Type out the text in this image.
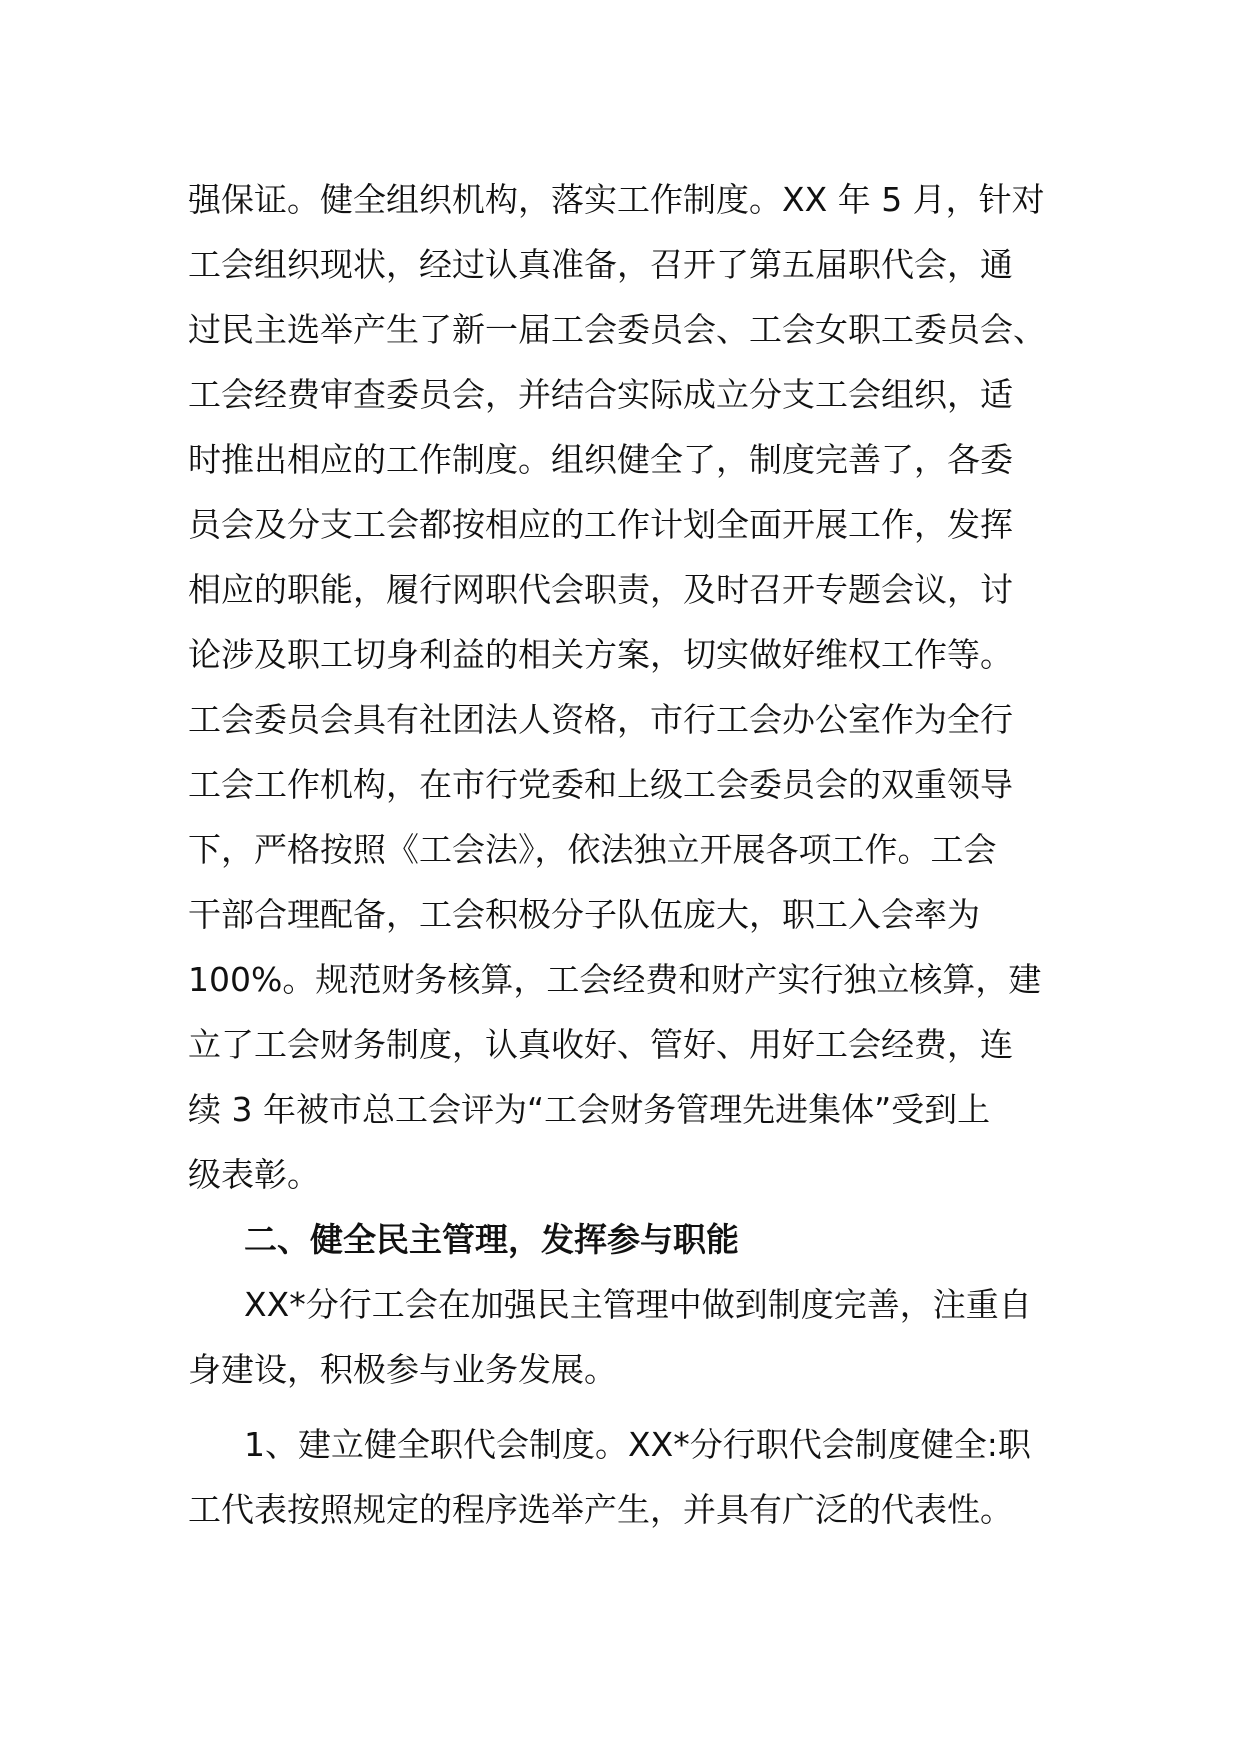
强保证。健全组织机构，落实工作制度。XX 年 5 月，针对
工会组织现状，经过认真准备，召开了第五届职代会，通
过民主选举产生了新一届工会委员会、工会女职工委员会、
工会经费审查委员会，并结合实际成立分支工会组织，适
时推出相应的工作制度。组织健全了，制度完善了，各委
员会及分支工会都按相应的工作计划全面开展工作，发挥
相应的职能，履行网职代会职责，及时召开专题会议，讨
论涉及职工切身利益的相关方案，切实做好维权工作等。
工会委员会具有社团法人资格，市行工会办公室作为全行
工会工作机构，在市行党委和上级工会委员会的双重领导
下，严格按照《工会法》，依法独立开展各项工作。工会
干部合理配备，工会积极分子队伍庞大，职工入会率为
100%。规范财务核算，工会经费和财产实行独立核算，建
立了工会财务制度，认真收好、管好、用好工会经费，连
续 3 年被市总工会评为“工会财务管理先进集体”受到上
级表彰。
二、健全民主管理，发挥参与职能
XX*分行工会在加强民主管理中做到制度完善，注重自
身建设，积极参与业务发展。
1、建立健全职代会制度。XX*分行职代会制度健全:职
工代表按照规定的程序选举产生，并具有广泛的代表性。
